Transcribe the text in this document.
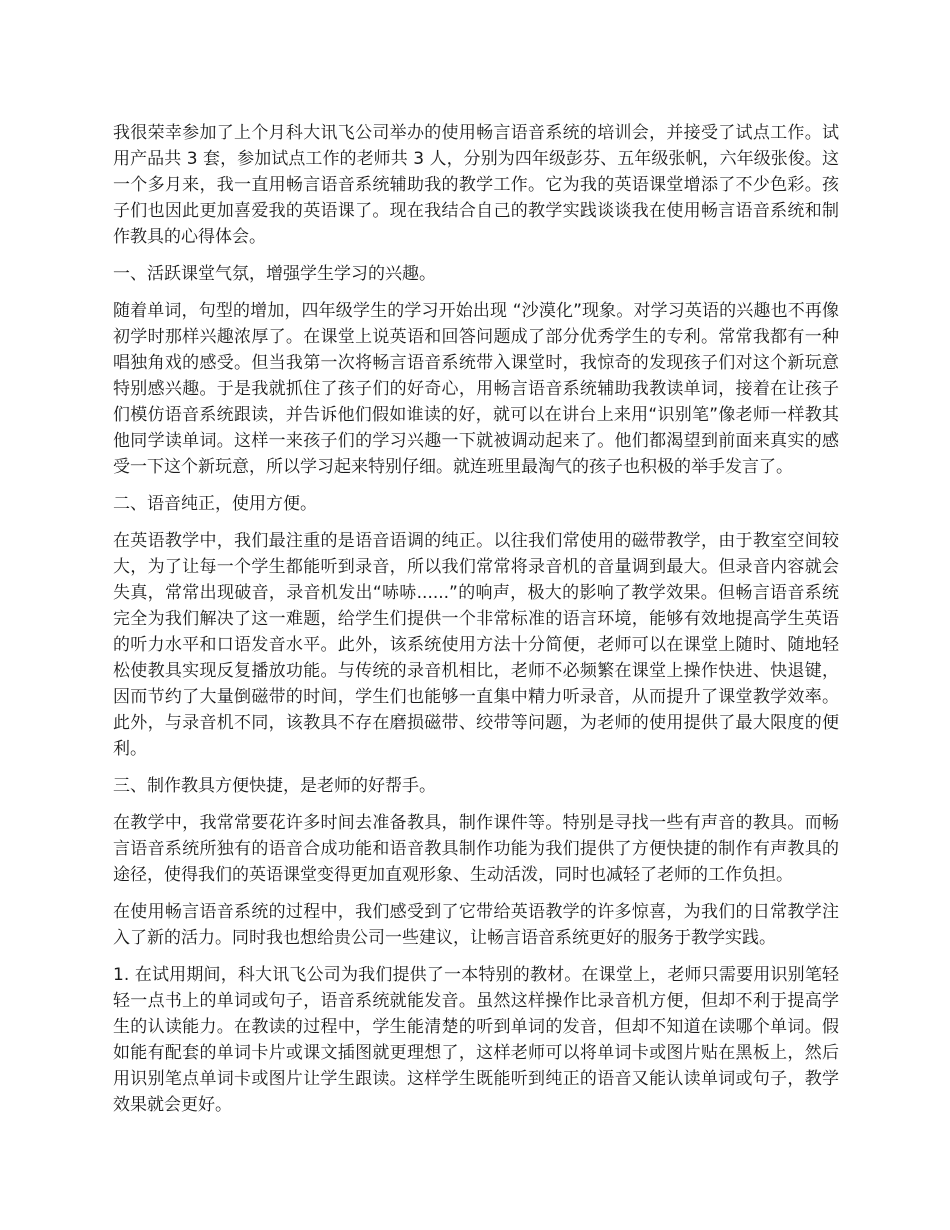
我很荣幸参加了上个月科大讯飞公司举办的使用畅言语音系统的培训会，并接受了试点工作。试用产品共 3 套，参加试点工作的老师共 3 人，分别为四年级彭芬、五年级张帆，六年级张俊。这一个多月来，我一直用畅言语音系统辅助我的教学工作。它为我的英语课堂增添了不少色彩。孩子们也因此更加喜爱我的英语课了。现在我结合自己的教学实践谈谈我在使用畅言语音系统和制作教具的心得体会。

一、活跃课堂气氛，增强学生学习的兴趣。

随着单词，句型的增加，四年级学生的学习开始出现 “沙漠化”现象。对学习英语的兴趣也不再像初学时那样兴趣浓厚了。在课堂上说英语和回答问题成了部分优秀学生的专利。常常我都有一种唱独角戏的感受。但当我第一次将畅言语音系统带入课堂时，我惊奇的发现孩子们对这个新玩意特别感兴趣。于是我就抓住了孩子们的好奇心，用畅言语音系统辅助我教读单词，接着在让孩子们模仿语音系统跟读，并告诉他们假如谁读的好，就可以在讲台上来用“识别笔”像老师一样教其他同学读单词。这样一来孩子们的学习兴趣一下就被调动起来了。他们都渴望到前面来真实的感受一下这个新玩意，所以学习起来特别仔细。就连班里最淘气的孩子也积极的举手发言了。

二、语音纯正，使用方便。

在英语教学中，我们最注重的是语音语调的纯正。以往我们常使用的磁带教学，由于教室空间较大，为了让每一个学生都能听到录音，所以我们常常将录音机的音量调到最大。但录音内容就会失真，常常出现破音，录音机发出“哧哧......”的响声，极大的影响了教学效果。但畅言语音系统完全为我们解决了这一难题，给学生们提供一个非常标准的语言环境，能够有效地提高学生英语的听力水平和口语发音水平。此外，该系统使用方法十分简便，老师可以在课堂上随时、随地轻松使教具实现反复播放功能。与传统的录音机相比，老师不必频繁在课堂上操作快进、快退键，因而节约了大量倒磁带的时间，学生们也能够一直集中精力听录音，从而提升了课堂教学效率。此外，与录音机不同，该教具不存在磨损磁带、绞带等问题，为老师的使用提供了最大限度的便利。

三、制作教具方便快捷，是老师的好帮手。

在教学中，我常常要花许多时间去准备教具，制作课件等。特别是寻找一些有声音的教具。而畅言语音系统所独有的语音合成功能和语音教具制作功能为我们提供了方便快捷的制作有声教具的途径，使得我们的英语课堂变得更加直观形象、生动活泼，同时也减轻了老师的工作负担。

在使用畅言语音系统的过程中，我们感受到了它带给英语教学的许多惊喜，为我们的日常教学注入了新的活力。同时我也想给贵公司一些建议，让畅言语音系统更好的服务于教学实践。

1. 在试用期间，科大讯飞公司为我们提供了一本特别的教材。在课堂上，老师只需要用识别笔轻轻一点书上的单词或句子，语音系统就能发音。虽然这样操作比录音机方便，但却不利于提高学生的认读能力。在教读的过程中，学生能清楚的听到单词的发音，但却不知道在读哪个单词。假如能有配套的单词卡片或课文插图就更理想了，这样老师可以将单词卡或图片贴在黑板上，然后用识别笔点单词卡或图片让学生跟读。这样学生既能听到纯正的语音又能认读单词或句子，教学效果就会更好。
